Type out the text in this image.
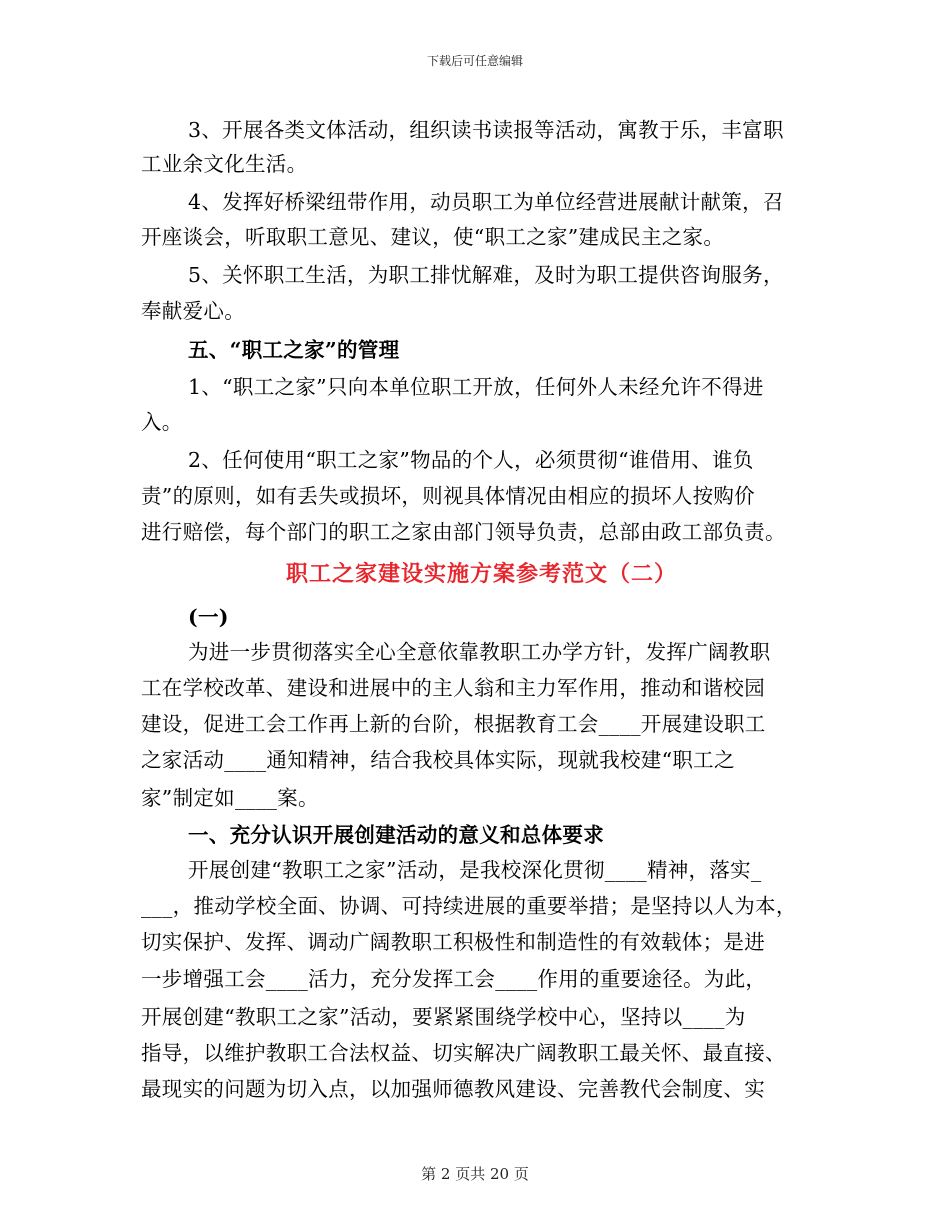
下载后可任意编辑
3、开展各类文体活动，组织读书读报等活动，寓教于乐，丰富职
工业余文化生活。
4、发挥好桥梁纽带作用，动员职工为单位经营进展献计献策，召
开座谈会，听取职工意见、建议，使“职工之家”建成民主之家。
5、关怀职工生活，为职工排忧解难，及时为职工提供咨询服务，
奉献爱心。
五、“职工之家”的管理
1、“职工之家”只向本单位职工开放，任何外人未经允许不得进
入。
2、任何使用“职工之家”物品的个人，必须贯彻“谁借用、谁负
责”的原则，如有丢失或损坏，则视具体情况由相应的损坏人按购价
进行赔偿，每个部门的职工之家由部门领导负责，总部由政工部负责。
职工之家建设实施方案参考范文（二）
(一)
为进一步贯彻落实全心全意依靠教职工办学方针，发挥广阔教职
工在学校改革、建设和进展中的主人翁和主力军作用，推动和谐校园
建设，促进工会工作再上新的台阶，根据教育工会____开展建设职工
之家活动____通知精神，结合我校具体实际，现就我校建“职工之
家”制定如____案。
一、充分认识开展创建活动的意义和总体要求
开展创建“教职工之家”活动，是我校深化贯彻____精神，落实_
___，推动学校全面、协调、可持续进展的重要举措；是坚持以人为本，
切实保护、发挥、调动广阔教职工积极性和制造性的有效载体；是进
一步增强工会____活力，充分发挥工会____作用的重要途径。为此，
开展创建“教职工之家”活动，要紧紧围绕学校中心，坚持以____为
指导，以维护教职工合法权益、切实解决广阔教职工最关怀、最直接、
最现实的问题为切入点，以加强师德教风建设、完善教代会制度、实
第 2 页共 20 页
